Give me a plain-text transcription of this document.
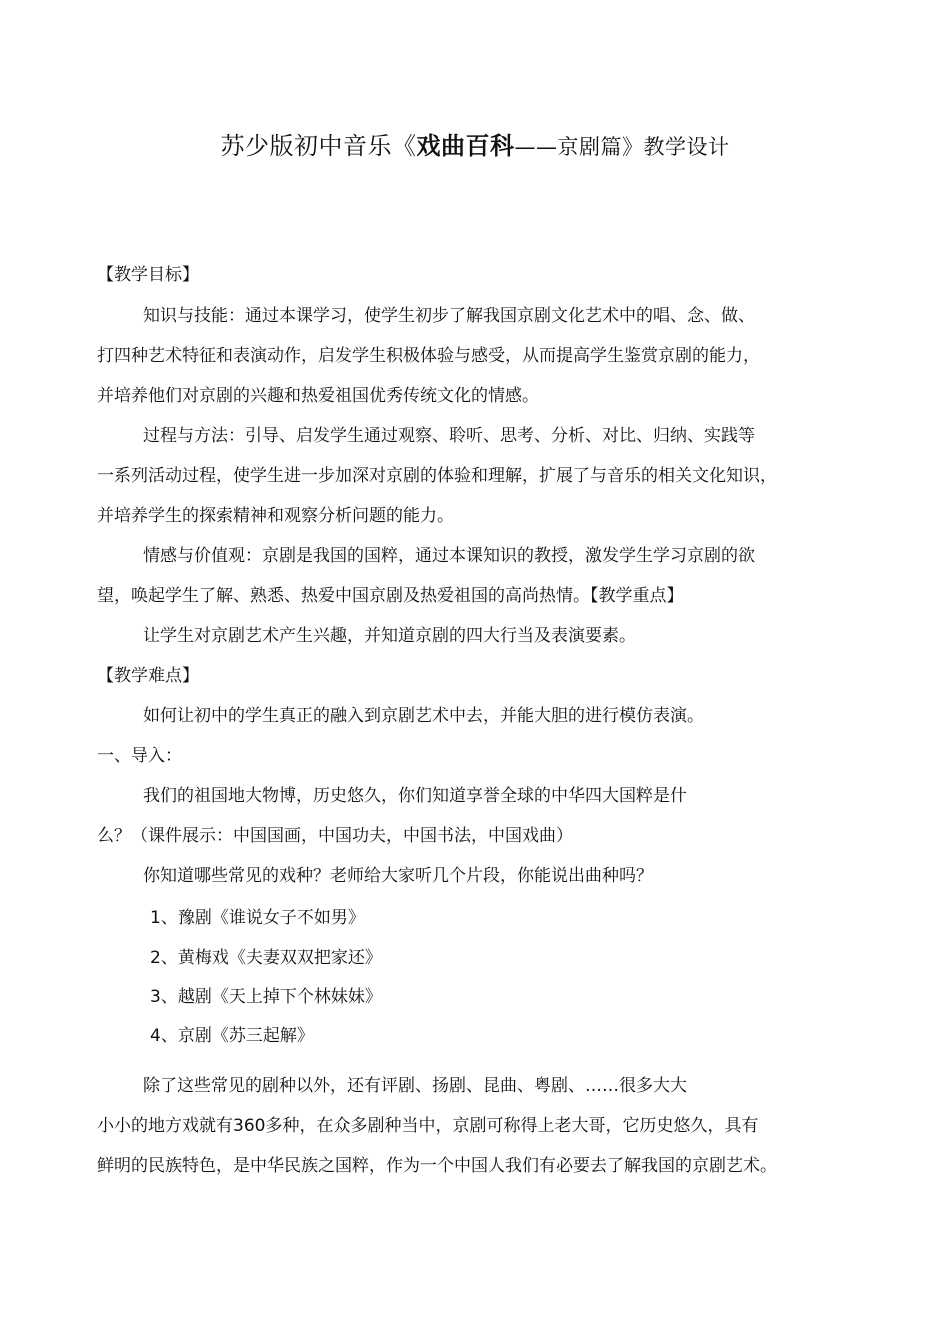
苏少版初中音乐《戏曲百科——京剧篇》教学设计
【教学目标】
知识与技能：通过本课学习，使学生初步了解我国京剧文化艺术中的唱、念、做、
打四种艺术特征和表演动作，启发学生积极体验与感受，从而提高学生鉴赏京剧的能力，
并培养他们对京剧的兴趣和热爱祖国优秀传统文化的情感。
过程与方法：引导、启发学生通过观察、聆听、思考、分析、对比、归纳、实践等
一系列活动过程，使学生进一步加深对京剧的体验和理解，扩展了与音乐的相关文化知识，
并培养学生的探索精神和观察分析问题的能力。
情感与价值观：京剧是我国的国粹，通过本课知识的教授，激发学生学习京剧的欲
望，唤起学生了解、熟悉、热爱中国京剧及热爱祖国的高尚热情。【教学重点】
让学生对京剧艺术产生兴趣，并知道京剧的四大行当及表演要素。
【教学难点】
如何让初中的学生真正的融入到京剧艺术中去，并能大胆的进行模仿表演。
一、导入：
我们的祖国地大物博，历史悠久，你们知道享誉全球的中华四大国粹是什
么？（课件展示：中国国画，中国功夫，中国书法，中国戏曲）
你知道哪些常见的戏种？老师给大家听几个片段，你能说出曲种吗？
1、豫剧《谁说女子不如男》
2、黄梅戏《夫妻双双把家还》
3、越剧《天上掉下个林妹妹》
4、京剧《苏三起解》
除了这些常见的剧种以外，还有评剧、扬剧、昆曲、粤剧、……很多大大
小小的地方戏就有360多种，在众多剧种当中，京剧可称得上老大哥，它历史悠久，具有
鲜明的民族特色，是中华民族之国粹，作为一个中国人我们有必要去了解我国的京剧艺术。
